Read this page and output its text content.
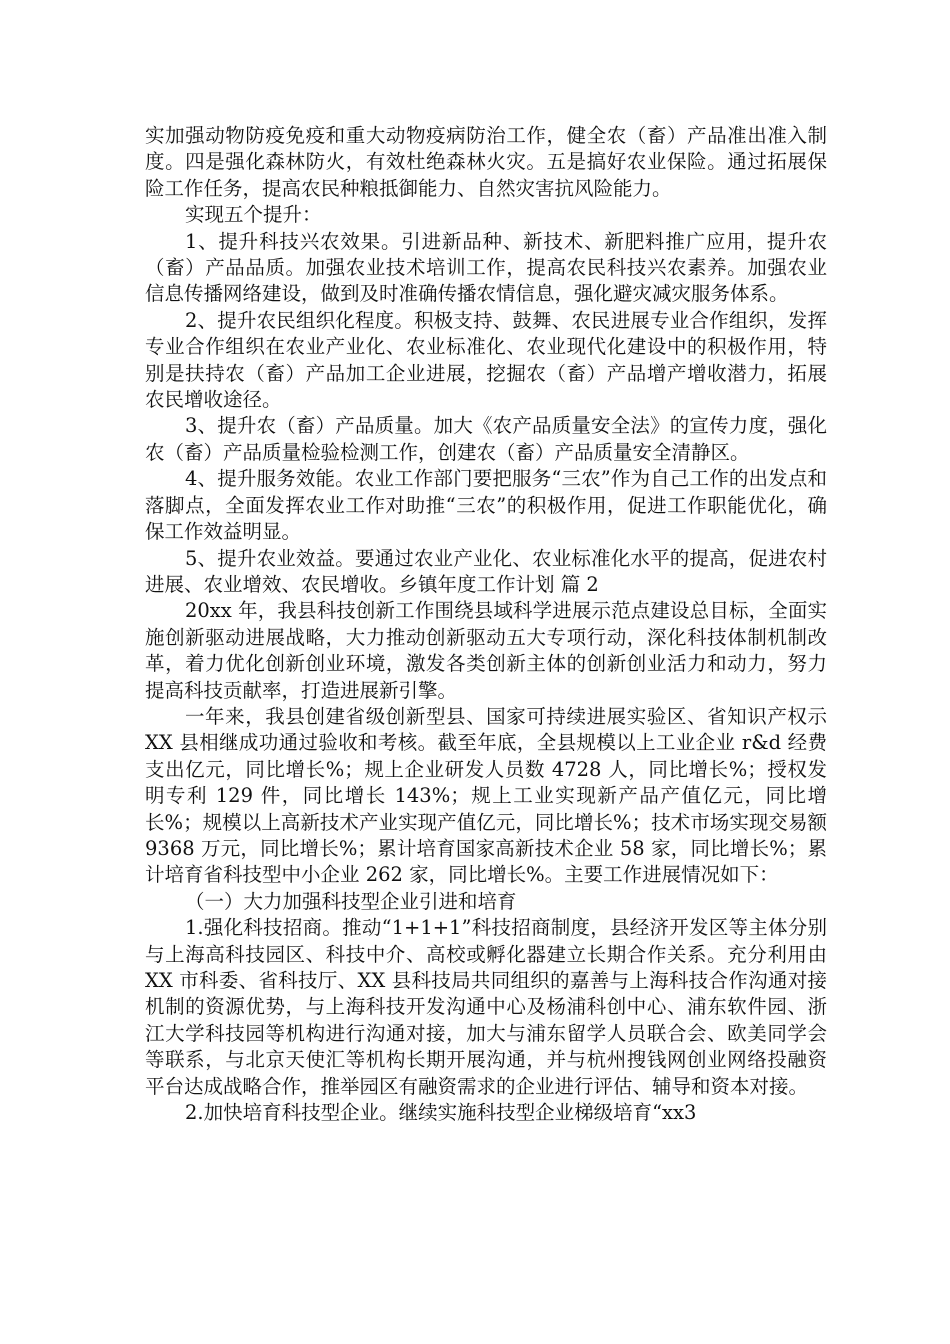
实加强动物防疫免疫和重大动物疫病防治工作，健全农（畜）产品准出准入制度。四是强化森林防火，有效杜绝森林火灾。五是搞好农业保险。通过拓展保险工作任务，提高农民种粮抵御能力、自然灾害抗风险能力。

实现五个提升：

1、提升科技兴农效果。引进新品种、新技术、新肥料推广应用，提升农（畜）产品品质。加强农业技术培训工作，提高农民科技兴农素养。加强农业信息传播网络建设，做到及时准确传播农情信息，强化避灾减灾服务体系。

2、提升农民组织化程度。积极支持、鼓舞、农民进展专业合作组织，发挥专业合作组织在农业产业化、农业标准化、农业现代化建设中的积极作用，特别是扶持农（畜）产品加工企业进展，挖掘农（畜）产品增产增收潜力，拓展农民增收途径。

3、提升农（畜）产品质量。加大《农产品质量安全法》的宣传力度，强化农（畜）产品质量检验检测工作，创建农（畜）产品质量安全清静区。

4、提升服务效能。农业工作部门要把服务“三农”作为自己工作的出发点和落脚点，全面发挥农业工作对助推“三农”的积极作用，促进工作职能优化，确保工作效益明显。

5、提升农业效益。要通过农业产业化、农业标准化水平的提高，促进农村进展、农业增效、农民增收。乡镇年度工作计划 篇 2

20xx 年，我县科技创新工作围绕县域科学进展示范点建设总目标，全面实施创新驱动进展战略，大力推动创新驱动五大专项行动，深化科技体制机制改革，着力优化创新创业环境，激发各类创新主体的创新创业活力和动力，努力提高科技贡献率，打造进展新引擎。

一年来，我县创建省级创新型县、国家可持续进展实验区、省知识产权示 XX 县相继成功通过验收和考核。截至年底，全县规模以上工业企业 r&d 经费支出亿元，同比增长%；规上企业研发人员数 4728 人，同比增长%；授权发明专利 129 件，同比增长 143%；规上工业实现新产品产值亿元，同比增长%；规模以上高新技术产业实现产值亿元，同比增长%；技术市场实现交易额 9368 万元，同比增长%；累计培育国家高新技术企业 58 家，同比增长%；累计培育省科技型中小企业 262 家，同比增长%。主要工作进展情况如下：

（一）大力加强科技型企业引进和培育

1.强化科技招商。推动“1+1+1”科技招商制度，县经济开发区等主体分别与上海高科技园区、科技中介、高校或孵化器建立长期合作关系。充分利用由 XX 市科委、省科技厅、XX 县科技局共同组织的嘉善与上海科技合作沟通对接机制的资源优势，与上海科技开发沟通中心及杨浦科创中心、浦东软件园、浙江大学科技园等机构进行沟通对接，加大与浦东留学人员联合会、欧美同学会等联系，与北京天使汇等机构长期开展沟通，并与杭州搜钱网创业网络投融资平台达成战略合作，推举园区有融资需求的企业进行评估、辅导和资本对接。

2.加快培育科技型企业。继续实施科技型企业梯级培育“xx3
